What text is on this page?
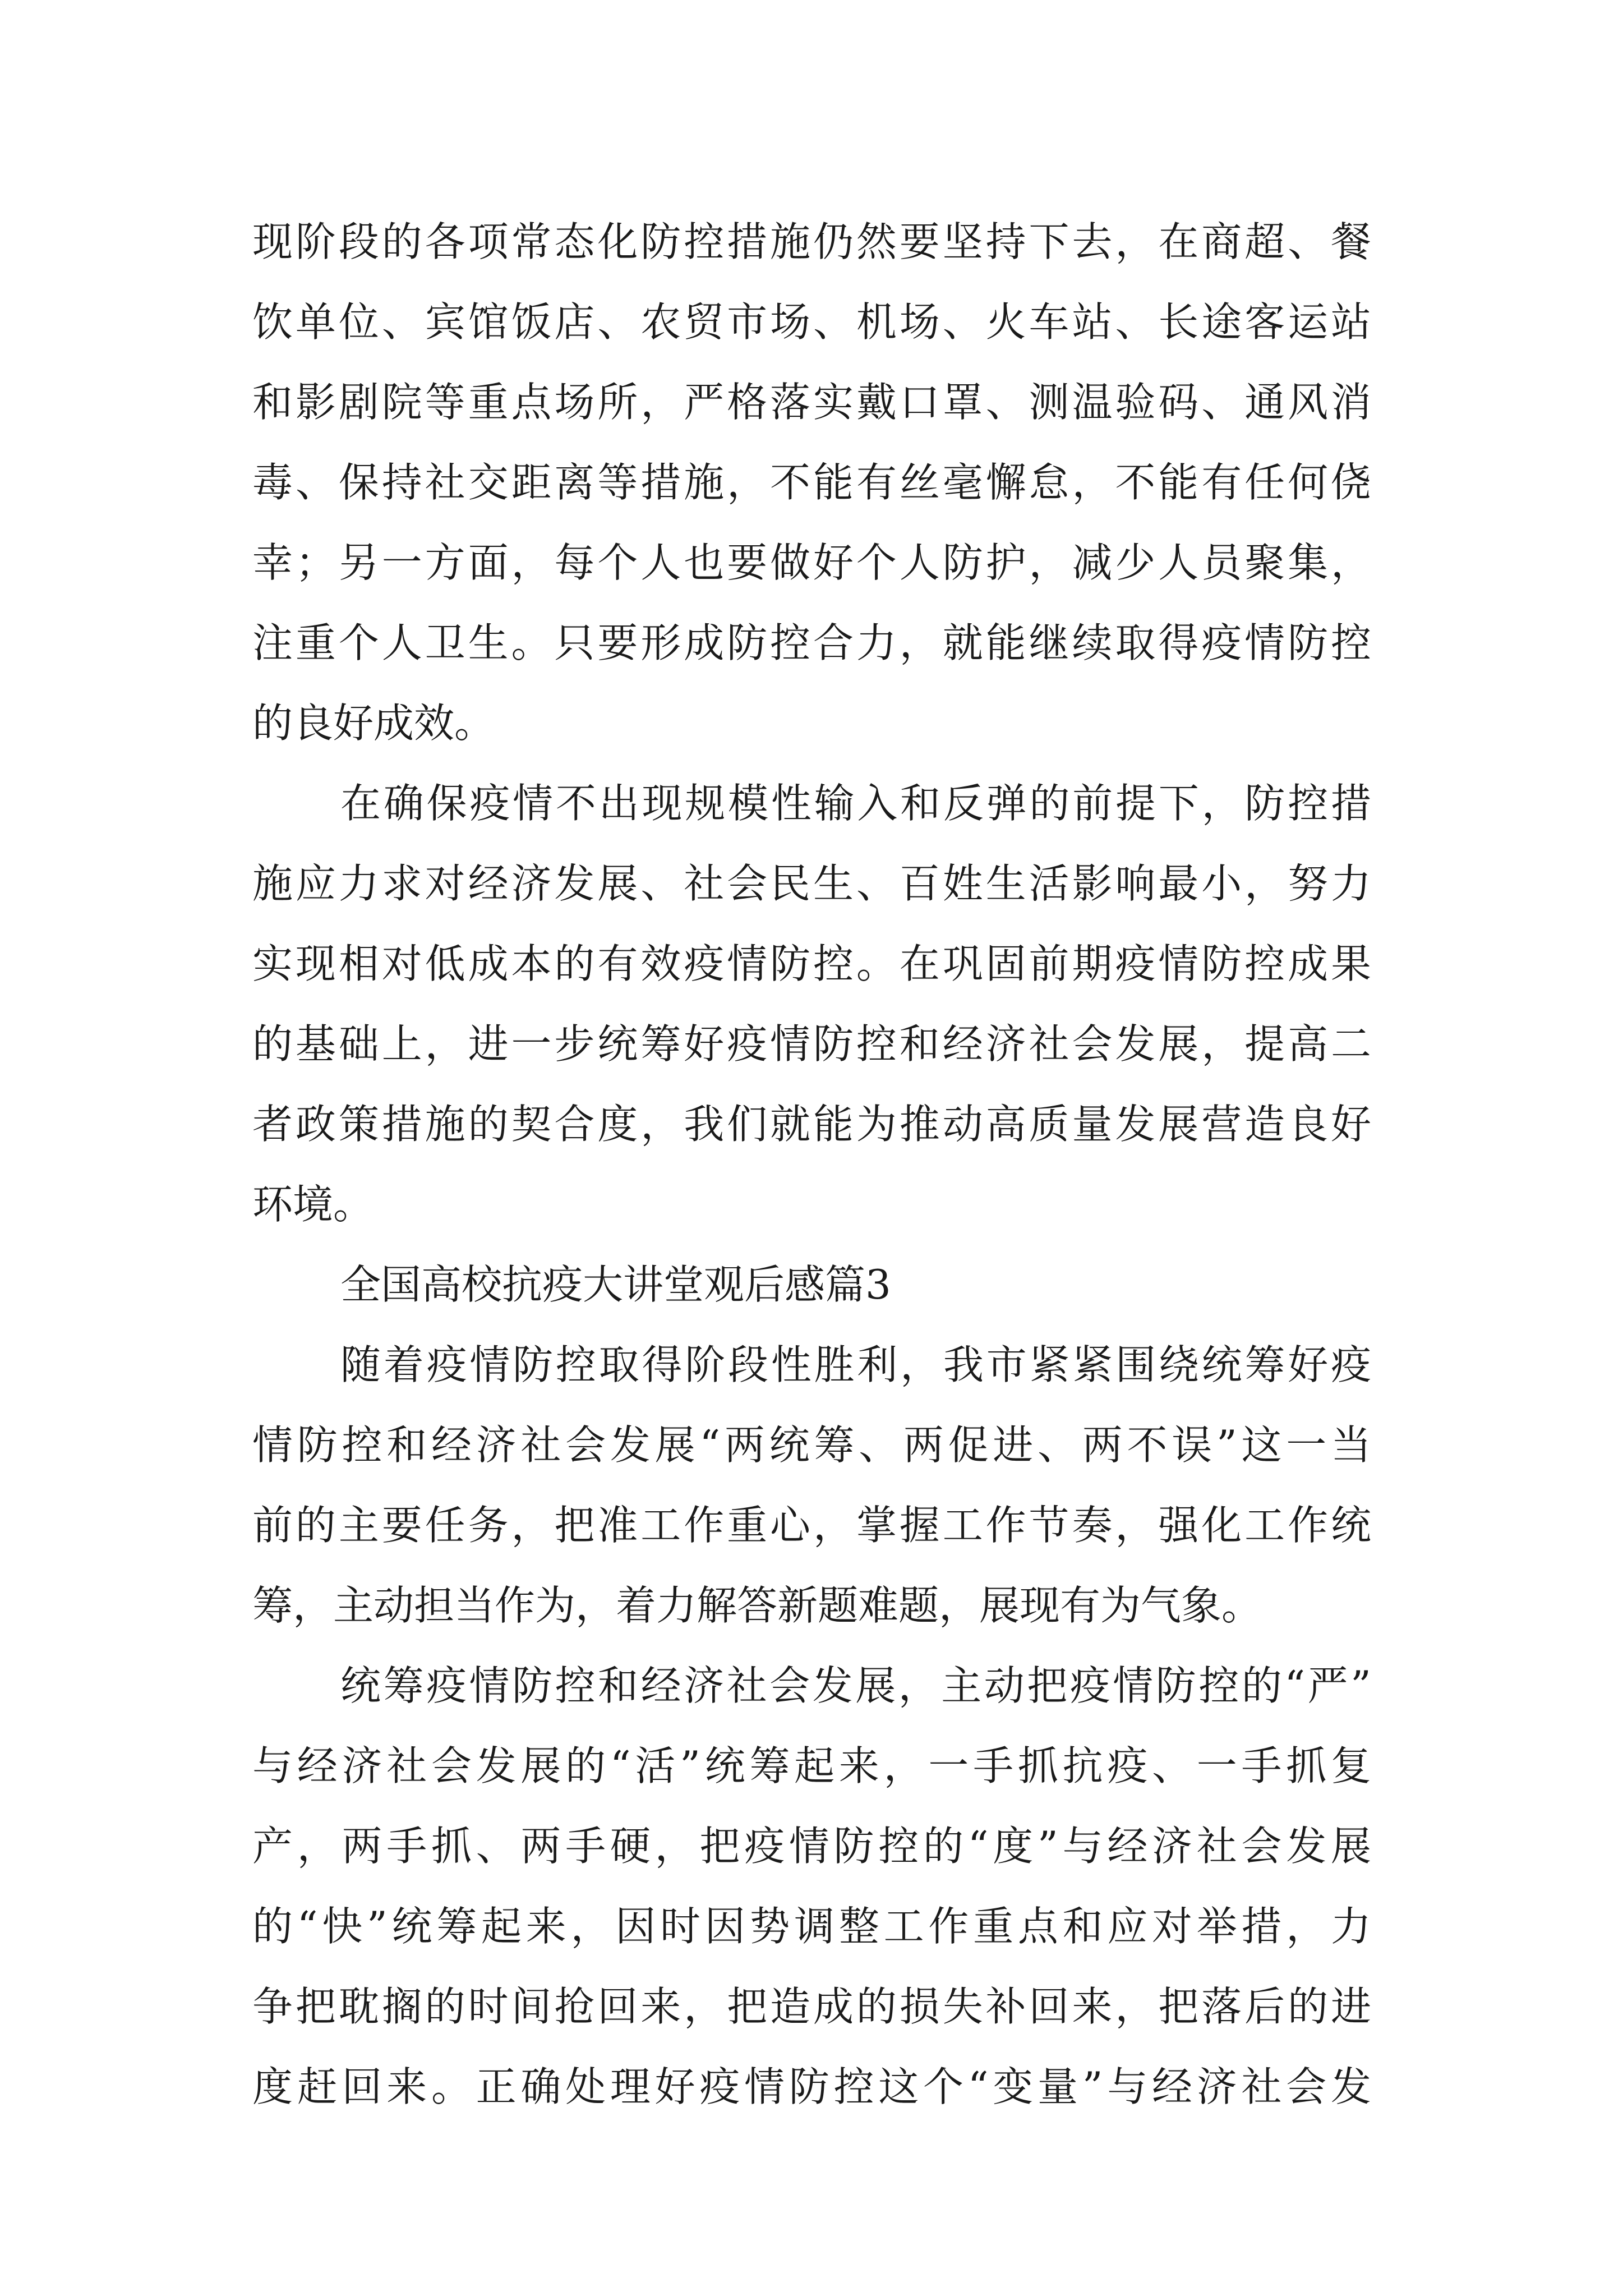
现阶段的各项常态化防控措施仍然要坚持下去，在商超、餐
饮单位、宾馆饭店、农贸市场、机场、火车站、长途客运站
和影剧院等重点场所，严格落实戴口罩、测温验码、通风消
毒、保持社交距离等措施，不能有丝毫懈怠，不能有任何侥
幸；另一方面，每个人也要做好个人防护，减少人员聚集，
注重个人卫生。只要形成防控合力，就能继续取得疫情防控
的良好成效。
在确保疫情不出现规模性输入和反弹的前提下，防控措
施应力求对经济发展、社会民生、百姓生活影响最小，努力
实现相对低成本的有效疫情防控。在巩固前期疫情防控成果
的基础上，进一步统筹好疫情防控和经济社会发展，提高二
者政策措施的契合度，我们就能为推动高质量发展营造良好
环境。
全国高校抗疫大讲堂观后感篇3
随着疫情防控取得阶段性胜利，我市紧紧围绕统筹好疫
情防控和经济社会发展“两统筹、两促进、两不误”这一当
前的主要任务，把准工作重心，掌握工作节奏，强化工作统
筹，主动担当作为，着力解答新题难题，展现有为气象。
统筹疫情防控和经济社会发展，主动把疫情防控的“严”
与经济社会发展的“活”统筹起来，一手抓抗疫、一手抓复
产，两手抓、两手硬，把疫情防控的“度”与经济社会发展
的“快”统筹起来，因时因势调整工作重点和应对举措，力
争把耽搁的时间抢回来，把造成的损失补回来，把落后的进
度赶回来。正确处理好疫情防控这个“变量”与经济社会发
